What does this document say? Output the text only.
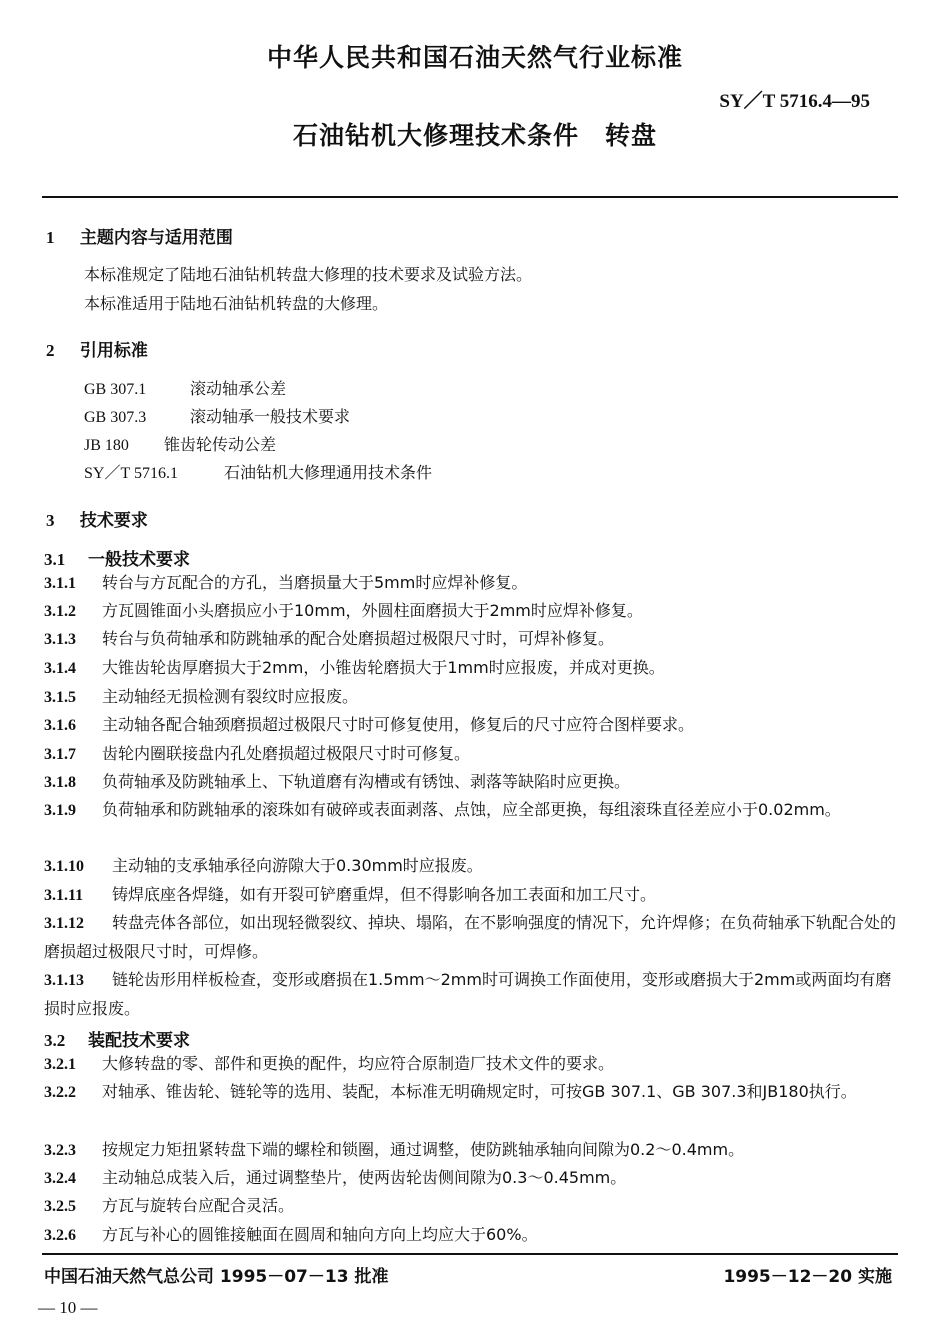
中华人民共和国石油天然气行业标准
SY／T 5716.4—95
石油钻机大修理技术条件　转盘
1 主题内容与适用范围
本标准规定了陆地石油钻机转盘大修理的技术要求及试验方法。
本标准适用于陆地石油钻机转盘的大修理。
2 引用标准
GB 307.1	滚动轴承公差
GB 307.3	滚动轴承一般技术要求
JB 180 锥齿轮传动公差
SY／T 5716.1	石油钻机大修理通用技术条件
3 技术要求
3.1 一般技术要求
3.1.1 转台与方瓦配合的方孔，当磨损量大于5mm时应焊补修复。
3.1.2 方瓦圆锥面小头磨损应小于10mm，外圆柱面磨损大于2mm时应焊补修复。
3.1.3 转台与负荷轴承和防跳轴承的配合处磨损超过极限尺寸时，可焊补修复。
3.1.4 大锥齿轮齿厚磨损大于2mm，小锥齿轮磨损大于1mm时应报废，并成对更换。
3.1.5 主动轴经无损检测有裂纹时应报废。
3.1.6 主动轴各配合轴颈磨损超过极限尺寸时可修复使用，修复后的尺寸应符合图样要求。
3.1.7 齿轮内圈联接盘内孔处磨损超过极限尺寸时可修复。
3.1.8 负荷轴承及防跳轴承上、下轨道磨有沟槽或有锈蚀、剥落等缺陷时应更换。
3.1.9 负荷轴承和防跳轴承的滚珠如有破碎或表面剥落、点蚀，应全部更换，每组滚珠直径差应小于0.02mm。
3.1.10 主动轴的支承轴承径向游隙大于0.30mm时应报废。
3.1.11 铸焊底座各焊缝，如有开裂可铲磨重焊，但不得影响各加工表面和加工尺寸。
3.1.12 转盘壳体各部位，如出现轻微裂纹、掉块、塌陷，在不影响强度的情况下，允许焊修；在负荷轴承下轨配合处的磨损超过极限尺寸时，可焊修。
3.1.13 链轮齿形用样板检查，变形或磨损在1.5mm～2mm时可调换工作面使用，变形或磨损大于2mm或两面均有磨损时应报废。
3.2 装配技术要求
3.2.1 大修转盘的零、部件和更换的配件，均应符合原制造厂技术文件的要求。
3.2.2 对轴承、锥齿轮、链轮等的选用、装配，本标准无明确规定时，可按GB 307.1、GB 307.3和JB180执行。
3.2.3 按规定力矩扭紧转盘下端的螺栓和锁圈，通过调整，使防跳轴承轴向间隙为0.2～0.4mm。
3.2.4 主动轴总成装入后，通过调整垫片，使两齿轮齿侧间隙为0.3～0.45mm。
3.2.5 方瓦与旋转台应配合灵活。
3.2.6 方瓦与补心的圆锥接触面在圆周和轴向方向上均应大于60%。
中国石油天然气总公司 1995－07－13 批准	1995－12－20 实施
— 10 —
